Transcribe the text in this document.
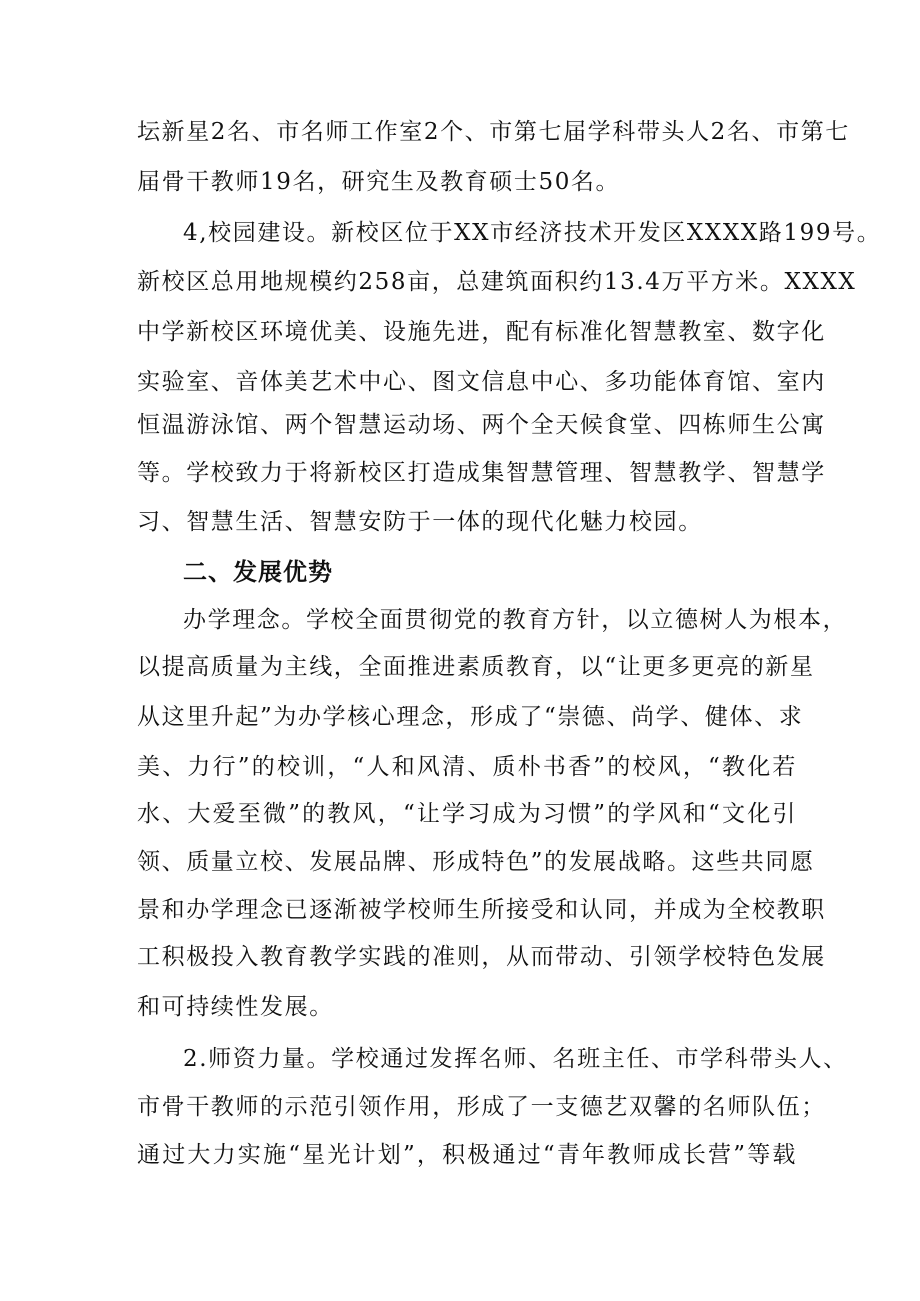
坛新星2名、市名师工作室2个、市第七届学科带头人2名、市第七
届骨干教师19名，研究生及教育硕士50名。
4,校园建设。新校区位于XX市经济技术开发区XXXX路199号。
新校区总用地规模约258亩，总建筑面积约13.4万平方米。XXXX
中学新校区环境优美、设施先进，配有标准化智慧教室、数字化
实验室、音体美艺术中心、图文信息中心、多功能体育馆、室内
恒温游泳馆、两个智慧运动场、两个全天候食堂、四栋师生公寓
等。学校致力于将新校区打造成集智慧管理、智慧教学、智慧学
习、智慧生活、智慧安防于一体的现代化魅力校园。
二、发展优势
办学理念。学校全面贯彻党的教育方针，以立德树人为根本，
以提高质量为主线，全面推进素质教育，以“让更多更亮的新星
从这里升起”为办学核心理念，形成了“崇德、尚学、健体、求
美、力行”的校训，“人和风清、质朴书香”的校风，“教化若
水、大爱至微”的教风，“让学习成为习惯”的学风和“文化引
领、质量立校、发展品牌、形成特色”的发展战略。这些共同愿
景和办学理念已逐渐被学校师生所接受和认同，并成为全校教职
工积极投入教育教学实践的准则，从而带动、引领学校特色发展
和可持续性发展。
2.师资力量。学校通过发挥名师、名班主任、市学科带头人、
市骨干教师的示范引领作用，形成了一支德艺双馨的名师队伍；
通过大力实施“星光计划”，积极通过“青年教师成长营”等载
